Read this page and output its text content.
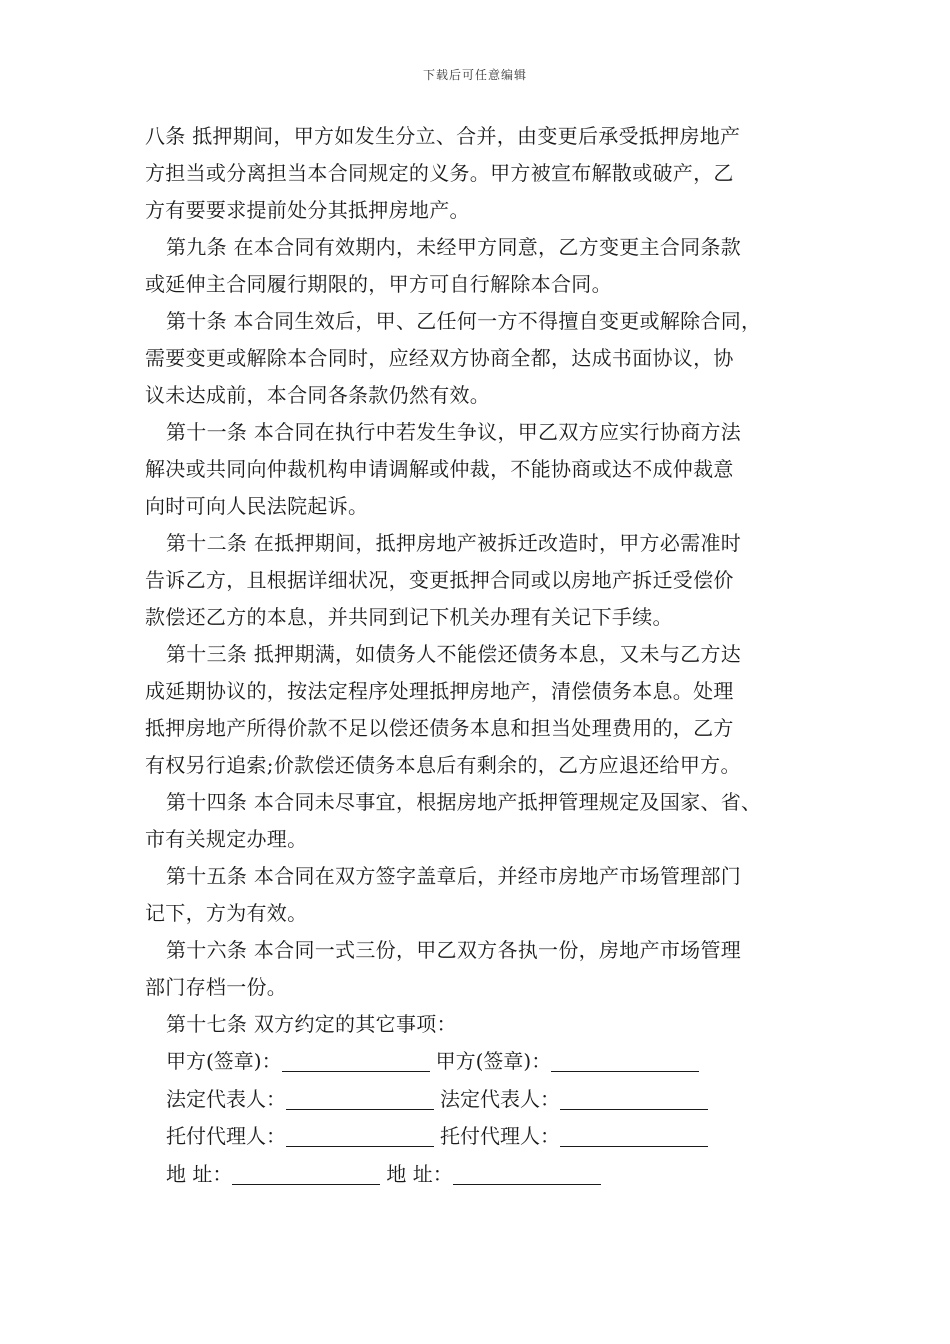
下载后可任意编辑
八条 抵押期间，甲方如发生分立、合并，由变更后承受抵押房地产
方担当或分离担当本合同规定的义务。甲方被宣布解散或破产，乙
方有要要求提前处分其抵押房地产。
第九条 在本合同有效期内，未经甲方同意，乙方变更主合同条款
或延伸主合同履行期限的，甲方可自行解除本合同。
第十条 本合同生效后，甲、乙任何一方不得擅自变更或解除合同，
需要变更或解除本合同时，应经双方协商全都，达成书面协议，协
议未达成前，本合同各条款仍然有效。
第十一条 本合同在执行中若发生争议，甲乙双方应实行协商方法
解决或共同向仲裁机构申请调解或仲裁，不能协商或达不成仲裁意
向时可向人民法院起诉。
第十二条 在抵押期间，抵押房地产被拆迁改造时，甲方必需准时
告诉乙方，且根据详细状况，变更抵押合同或以房地产拆迁受偿价
款偿还乙方的本息，并共同到记下机关办理有关记下手续。
第十三条 抵押期满，如债务人不能偿还债务本息，又未与乙方达
成延期协议的，按法定程序处理抵押房地产，清偿债务本息。处理
抵押房地产所得价款不足以偿还债务本息和担当处理费用的，乙方
有权另行追索;价款偿还债务本息后有剩余的，乙方应退还给甲方。
第十四条 本合同未尽事宜，根据房地产抵押管理规定及国家、省、
市有关规定办理。
第十五条 本合同在双方签字盖章后，并经市房地产市场管理部门
记下，方为有效。
第十六条 本合同一式三份，甲乙双方各执一份，房地产市场管理
部门存档一份。
第十七条 双方约定的其它事项：
甲方(签章)：	甲方(签章)：
法定代表人：	法定代表人：
托付代理人：	托付代理人：
地 址：	地 址：
